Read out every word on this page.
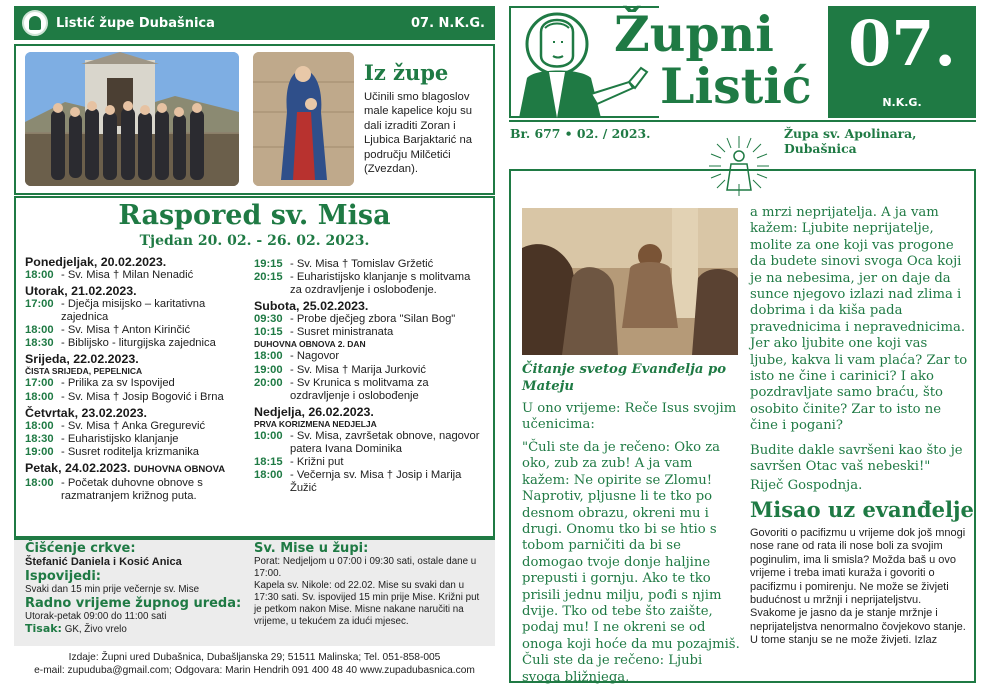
Listić župe Dubašnica	07. N.K.G.
Iz župe
Učinili smo blagoslov male kapelice koju su dali izraditi Zoran i Ljubica Barjaktarić na području Milčetići (Zvezdan).
Raspored sv. Misa
Tjedan 20. 02. - 26. 02. 2023.
Ponedjeljak, 20.02.2023.
18:00 - Sv. Misa † Milan Nenadić
Utorak, 21.02.2023.
17:00 - Dječja misijsko – karitativna zajednica
18:00 - Sv. Misa † Anton Kirinčić
18:30 - Biblijsko - liturgijska zajednica
Srijeda, 22.02.2023.
ČISTA SRIJEDA, PEPELNICA
17:00 - Prilika za sv Ispovijed
18:00 - Sv. Misa † Josip Bogović i Brna
Četvrtak, 23.02.2023.
18:00 - Sv. Misa † Anka Gregurević
18:30 - Euharistijsko klanjanje
19:00 - Susret roditelja krizmanika
Petak, 24.02.2023. DUHOVNA OBNOVA
18:00 - Početak duhovne obnove s razmatranjem križnog puta.
19:15 - Sv. Misa † Tomislav Gržetić
20:15 - Euharistijsko klanjanje s molitvama za ozdravljenje i oslobođenje.
Subota, 25.02.2023.
09:30 - Probe dječjeg zbora "Silan Bog"
10:15 - Susret ministranata
DUHOVNA OBNOVA 2. DAN
18:00 - Nagovor
19:00 - Sv. Misa † Marija Jurković
20:00 - Sv Krunica s molitvama za ozdravljenje i oslobođenje
Nedjelja, 26.02.2023.
PRVA KORIZMENA NEDJELJA
10:00 - Sv. Misa, završetak obnove, nagovor patera Ivana Dominika
18:15 - Križni put
18:00 - Večernja sv. Misa † Josip i Marija Žužić
Čišćenje crkve:
Štefanić Daniela i Kosić Anica
Ispovijedi:
Svaki dan 15 min prije večernje sv. Mise
Radno vrijeme župnog ureda:
Utorak-petak 09:00 do 11:00 sati
Tisak: GK, Živo vrelo
Sv. Mise u župi:
Porat: Nedjeljom u 07:00 i 09:30 sati, ostale dane u 17:00.
Kapela sv. Nikole: od 22.02. Mise su svaki dan u 17:30 sati. Sv. ispovijed 15 min prije Mise. Križni put je petkom nakon Mise. Misne nakane naručiti na vrijeme, u tekućem za idući mjesec.
Izdaje: Župni ured Dubašnica, Dubašljanska 29; 51511 Malinska; Tel. 051-858-005
e-mail: zupuduba@gmail.com; Odgovara: Marin Hendrih 091 400 48 40 www.zupadubasnica.com
Župni
Listić
07.
N.K.G.
Br. 677 • 02. / 2023.	Župa sv. Apolinara, Dubašnica
Čitanje svetog Evanđelja po Mateju
U ono vrijeme: Reče Isus svojim učenicima:
"Čuli ste da je rečeno: Oko za oko, zub za zub! A ja vam kažem: Ne opirite se Zlomu! Naprotiv, pljusne li te tko po desnom obrazu, okreni mu i drugi. Onomu tko bi se htio s tobom parničiti da bi se domogao tvoje donje haljine prepusti i gornju. Ako te tko prisili jednu milju, pođi s njim dvije. Tko od tebe što zaište, podaj mu! I ne okreni se od onoga koji hoće da mu pozajmiš. Čuli ste da je rečeno: Ljubi svoga bližnjega,
a mrzi neprijatelja. A ja vam kažem: Ljubite neprijatelje, molite za one koji vas progone da budete sinovi svoga Oca koji je na nebesima, jer on daje da sunce njegovo izlazi nad zlima i dobrima i da kiša pada pravednicima i nepravednicima. Jer ako ljubite one koji vas ljube, kakva li vam plaća? Zar to isto ne čine i carinici? I ako pozdravljate samo braću, što osobito činite? Zar to isto ne čine i pogani?
Budite dakle savršeni kao što je savršen Otac vaš nebeski!"
Riječ Gospodnja.
Misao uz evanđelje
Govoriti o pacifizmu u vrijeme dok još mnogi nose rane od rata ili nose boli za svojim poginulim, ima li smisla? Možda baš u ovo vrijeme i treba imati kuraža i govoriti o pacifizmu i pomirenju. Ne može se živjeti budućnost u mržnji i neprijateljstvu. Svakome je jasno da je stanje mržnje i neprijateljstva nenormalno čovjekovo stanje. U tome stanju se ne može živjeti. Izlaz
